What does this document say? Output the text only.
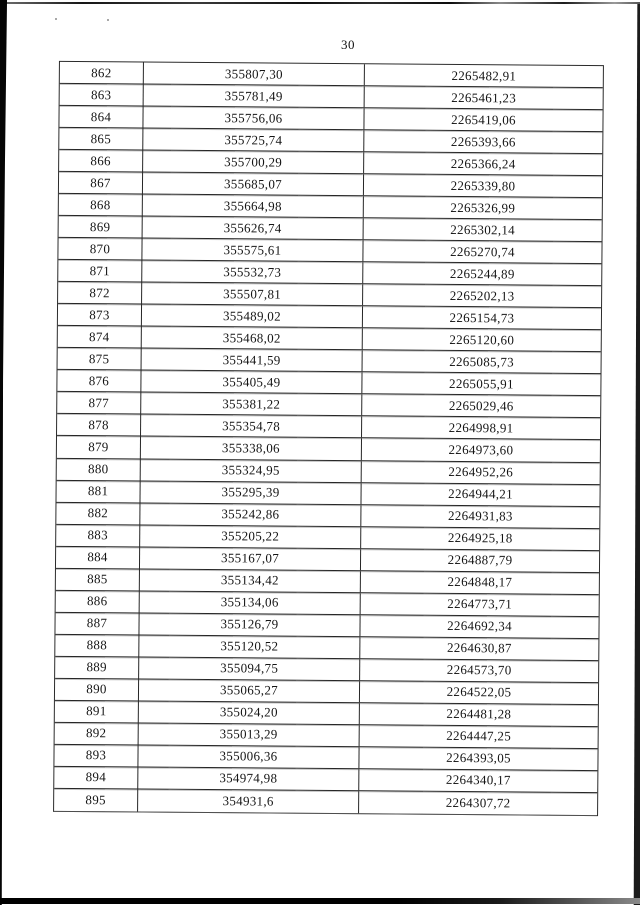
30
862	355807,30	2265482,91
863	355781,49	2265461,23
864	355756,06	2265419,06
865	355725,74	2265393,66
866	355700,29	2265366,24
867	355685,07	2265339,80
868	355664,98	2265326,99
869	355626,74	2265302,14
870	355575,61	2265270,74
871	355532,73	2265244,89
872	355507,81	2265202,13
873	355489,02	2265154,73
874	355468,02	2265120,60
875	355441,59	2265085,73
876	355405,49	2265055,91
877	355381,22	2265029,46
878	355354,78	2264998,91
879	355338,06	2264973,60
880	355324,95	2264952,26
881	355295,39	2264944,21
882	355242,86	2264931,83
883	355205,22	2264925,18
884	355167,07	2264887,79
885	355134,42	2264848,17
886	355134,06	2264773,71
887	355126,79	2264692,34
888	355120,52	2264630,87
889	355094,75	2264573,70
890	355065,27	2264522,05
891	355024,20	2264481,28
892	355013,29	2264447,25
893	355006,36	2264393,05
894	354974,98	2264340,17
895	354931,6	2264307,72
